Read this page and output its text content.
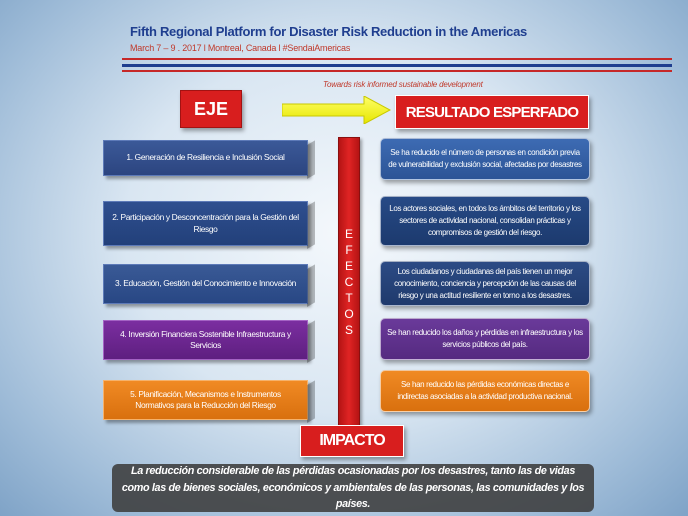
Fifth Regional Platform for Disaster Risk Reduction in the Americas
March 7 – 9 . 2017 l Montreal, Canada l #SendaiAmericas
Towards risk informed sustainable development
EJE	RESULTADO ESPERFADO
1. Generación de Resiliencia e Inclusión Social
2. Participación y Desconcentración para la Gestión del Riesgo
3. Educación, Gestión del Conocimiento e Innovación
4. Inversión Financiera Sostenible Infraestructura y Servicios
5. Planificación, Mecanismos e Instrumentos Normativos para la Reducción del Riesgo
E
F
E
C
T
O
S
Se ha reducido el número de personas en condición previa de vulnerabilidad y exclusión social, afectadas por desastres
Los actores sociales, en todos los ámbitos del territorio y los sectores de actividad nacional, consolidan prácticas y compromisos de gestión del riesgo.
Los ciudadanos y ciudadanas del país tienen un mejor conocimiento, conciencia y percepción de las causas del riesgo y una actitud resiliente en torno a los desastres.
Se han reducido los daños y pérdidas en infraestructura y los servicios públicos del país.
Se han reducido las pérdidas económicas directas e indirectas asociadas a la actividad productiva nacional.
IMPACTO
La reducción considerable de las pérdidas ocasionadas por los desastres, tanto las de vidas como las de bienes sociales, económicos y ambientales de las personas, las comunidades y los países.
